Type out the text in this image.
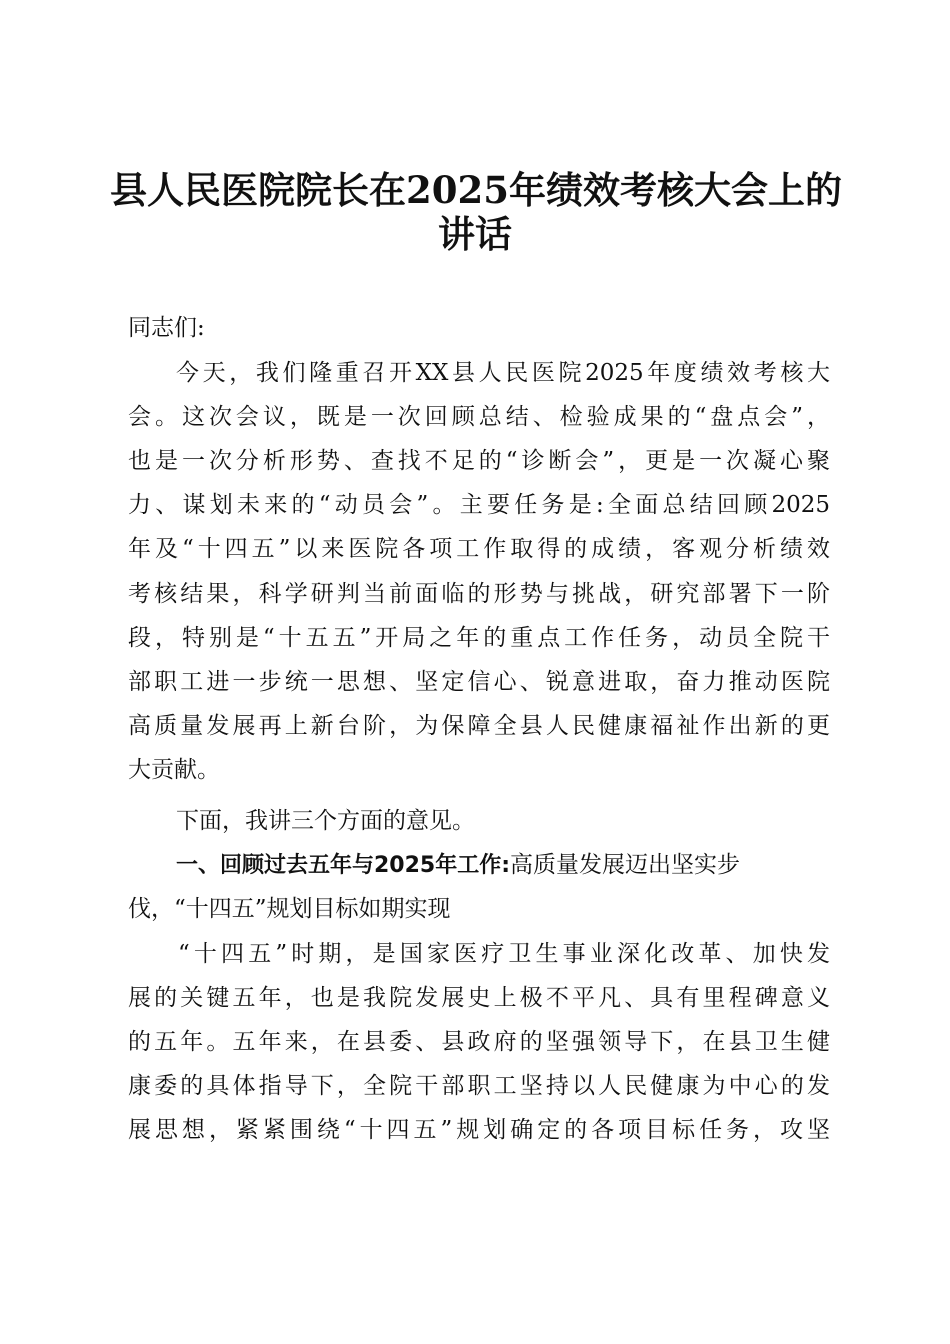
县人民医院院长在2025年绩效考核大会上的
讲话
同志们:
今天，我们隆重召开XX县人民医院2025年度绩效考核大
会。这次会议，既是一次回顾总结、检验成果的“盘点会”，
也是一次分析形势、查找不足的“诊断会”，更是一次凝心聚
力、谋划未来的“动员会”。主要任务是:全面总结回顾2025
年及“十四五”以来医院各项工作取得的成绩，客观分析绩效
考核结果，科学研判当前面临的形势与挑战，研究部署下一阶
段，特别是“十五五”开局之年的重点工作任务，动员全院干
部职工进一步统一思想、坚定信心、锐意进取，奋力推动医院
高质量发展再上新台阶，为保障全县人民健康福祉作出新的更
大贡献。
下面，我讲三个方面的意见。
一、回顾过去五年与2025年工作:高质量发展迈出坚实步
伐，“十四五”规划目标如期实现
“十四五”时期，是国家医疗卫生事业深化改革、加快发
展的关键五年，也是我院发展史上极不平凡、具有里程碑意义
的五年。五年来，在县委、县政府的坚强领导下，在县卫生健
康委的具体指导下，全院干部职工坚持以人民健康为中心的发
展思想，紧紧围绕“十四五”规划确定的各项目标任务，攻坚
